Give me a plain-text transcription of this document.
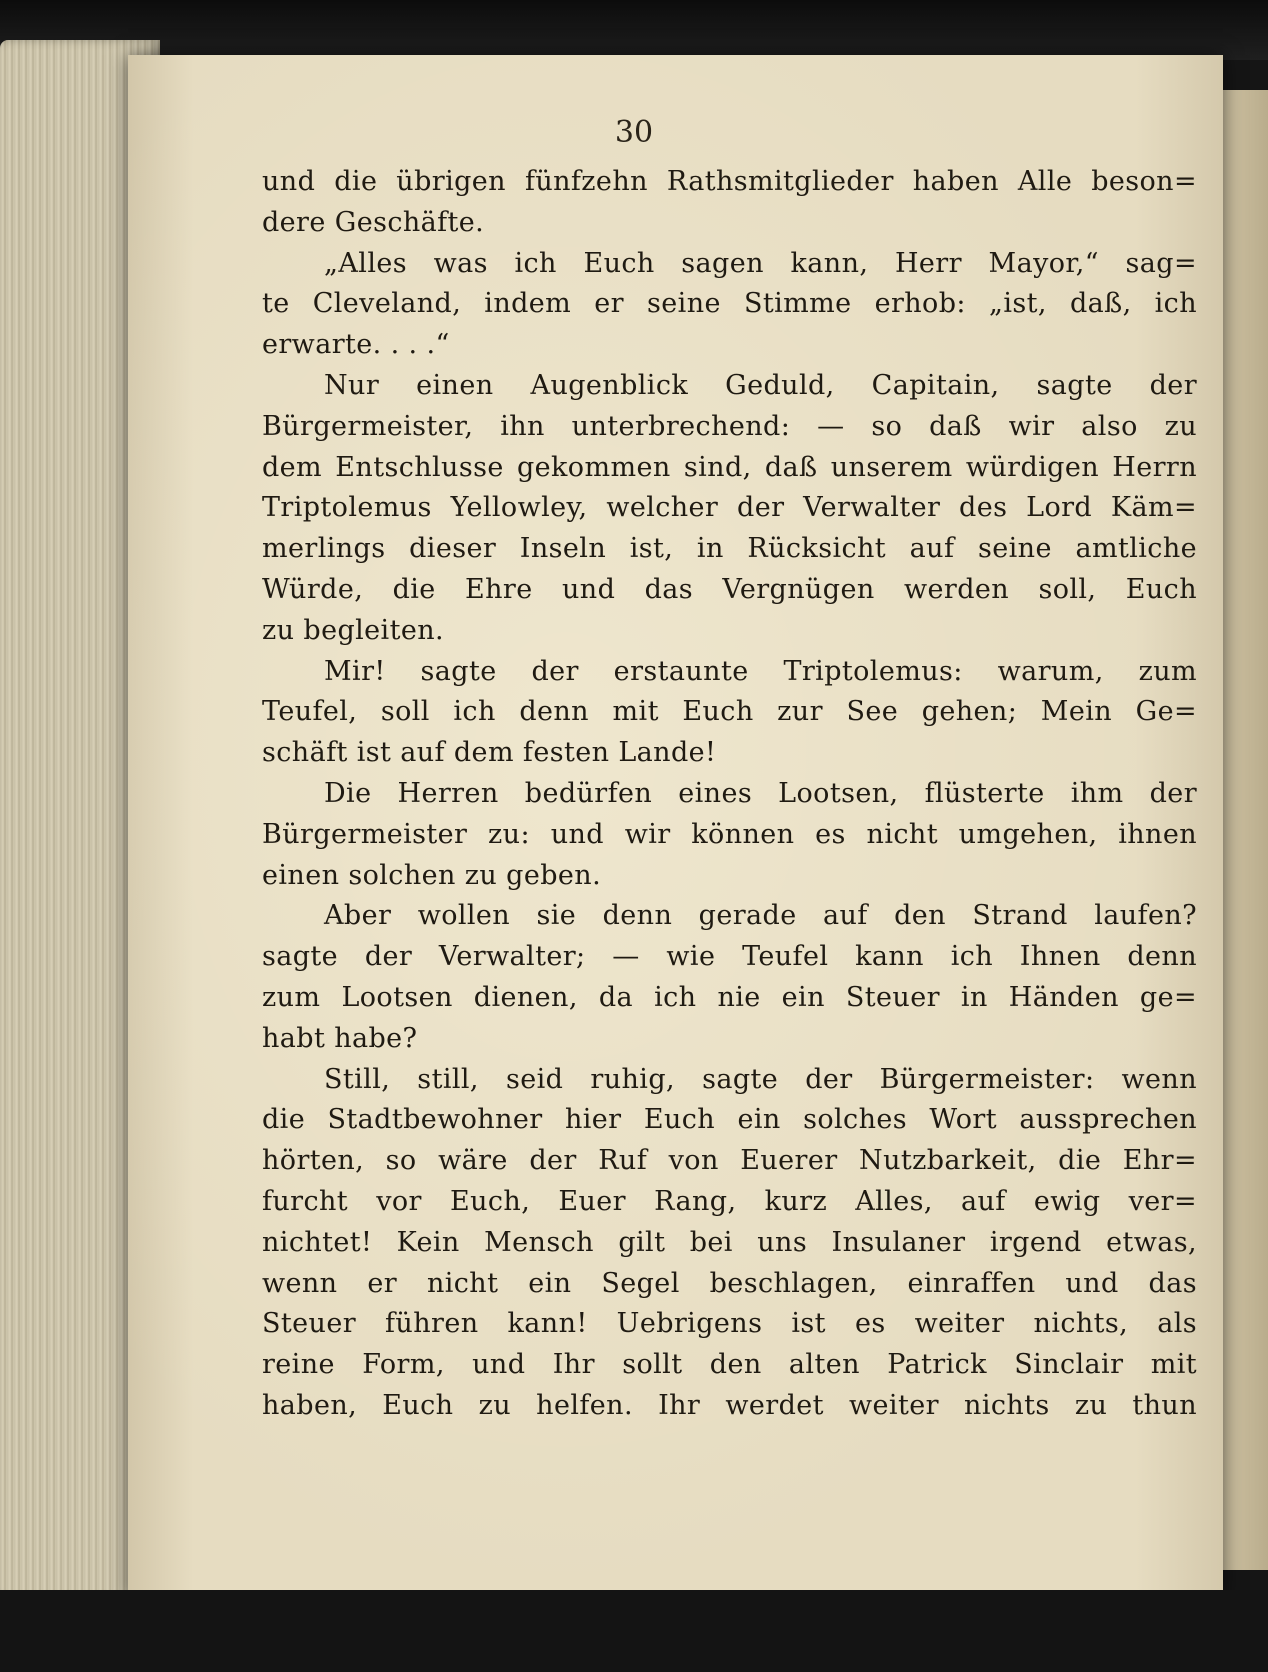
30
und die übrigen fünfzehn Rathsmitglieder haben Alle beson=
dere Geschäfte.
„Alles was ich Euch sagen kann, Herr Mayor,“ sag=
te Cleveland, indem er seine Stimme erhob: „ist, daß, ich
erwarte. . . .“
Nur einen Augenblick Geduld, Capitain, sagte der
Bürgermeister, ihn unterbrechend: — so daß wir also zu
dem Entschlusse gekommen sind, daß unserem würdigen Herrn
Triptolemus Yellowley, welcher der Verwalter des Lord Käm=
merlings dieser Inseln ist, in Rücksicht auf seine amtliche
Würde, die Ehre und das Vergnügen werden soll, Euch
zu begleiten.
Mir! sagte der erstaunte Triptolemus: warum, zum
Teufel, soll ich denn mit Euch zur See gehen; Mein Ge=
schäft ist auf dem festen Lande!
Die Herren bedürfen eines Lootsen, flüsterte ihm der
Bürgermeister zu: und wir können es nicht umgehen, ihnen
einen solchen zu geben.
Aber wollen sie denn gerade auf den Strand laufen?
sagte der Verwalter; — wie Teufel kann ich Ihnen denn
zum Lootsen dienen, da ich nie ein Steuer in Händen ge=
habt habe?
Still, still, seid ruhig, sagte der Bürgermeister: wenn
die Stadtbewohner hier Euch ein solches Wort aussprechen
hörten, so wäre der Ruf von Euerer Nutzbarkeit, die Ehr=
furcht vor Euch, Euer Rang, kurz Alles, auf ewig ver=
nichtet! Kein Mensch gilt bei uns Insulaner irgend etwas,
wenn er nicht ein Segel beschlagen, einraffen und das
Steuer führen kann! Uebrigens ist es weiter nichts, als
reine Form, und Ihr sollt den alten Patrick Sinclair mit
haben, Euch zu helfen. Ihr werdet weiter nichts zu thun
